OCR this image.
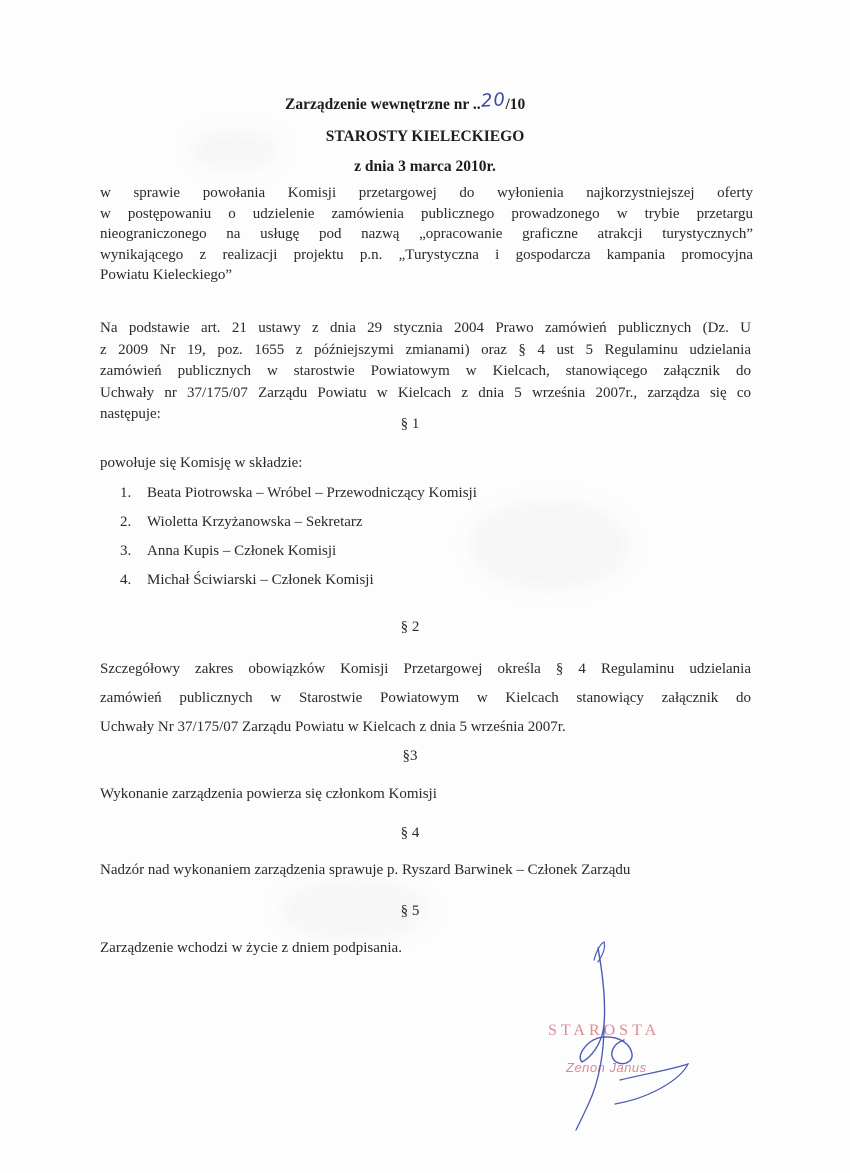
Zarządzenie wewnętrzne nr ..20/10
STAROSTY KIELECKIEGO
z dnia 3 marca 2010r.
w sprawie powołania Komisji przetargowej do wyłonienia najkorzystniejszej oferty
w postępowaniu o udzielenie zamówienia publicznego prowadzonego w trybie przetargu
nieograniczonego na usługę pod nazwą „opracowanie graficzne atrakcji turystycznych”
wynikającego z realizacji projektu p.n. „Turystyczna i gospodarcza kampania promocyjna
Powiatu Kieleckiego”
Na podstawie art. 21 ustawy z dnia 29 stycznia 2004 Prawo zamówień publicznych (Dz. U
z 2009 Nr 19, poz. 1655 z późniejszymi zmianami) oraz § 4 ust 5 Regulaminu udzielania
zamówień publicznych w starostwie Powiatowym w Kielcach, stanowiącego załącznik do
Uchwały nr 37/175/07 Zarządu Powiatu w Kielcach z dnia 5 września 2007r., zarządza się co
następuje:
§ 1
powołuje się Komisję w składzie:
1. Beata Piotrowska – Wróbel – Przewodniczący Komisji
2. Wioletta Krzyżanowska – Sekretarz
3. Anna Kupis – Członek Komisji
4. Michał Ściwiarski – Członek Komisji
§ 2
Szczegółowy zakres obowiązków Komisji Przetargowej określa § 4 Regulaminu udzielania
zamówień publicznych w Starostwie Powiatowym w Kielcach stanowiący załącznik do
Uchwały Nr 37/175/07 Zarządu Powiatu w Kielcach z dnia 5 września 2007r.
§3
Wykonanie zarządzenia powierza się członkom Komisji
§ 4
Nadzór nad wykonaniem zarządzenia sprawuje p. Ryszard Barwinek – Członek Zarządu
§ 5
Zarządzenie wchodzi w życie z dniem podpisania.
STAROSTA
Zenon Janus
